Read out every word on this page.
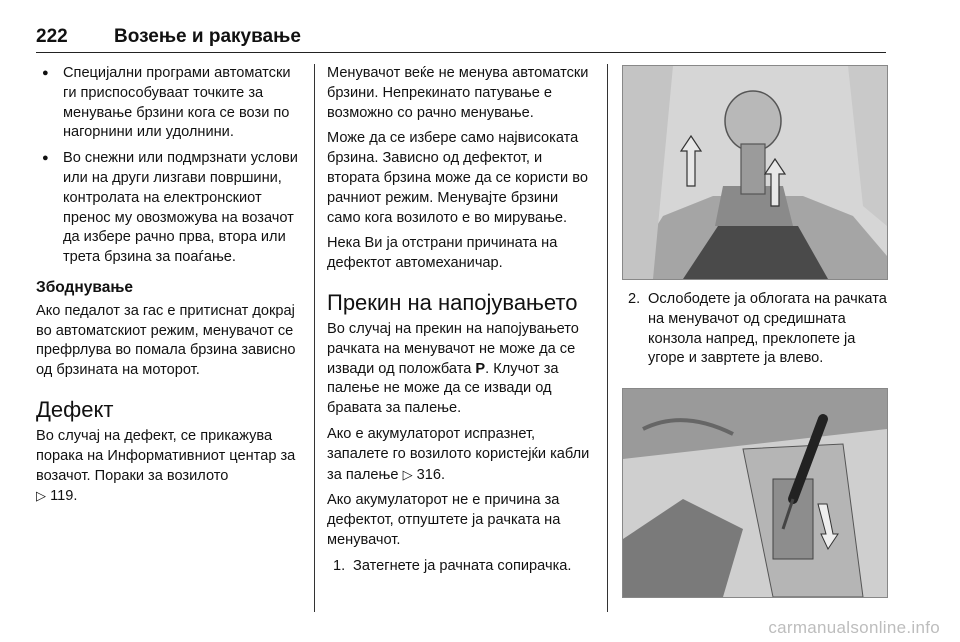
222 Возење и ракување
● Специјални програми автоматски ги приспособуваат точките за менување брзини кога се вози по нагорнини или удолнини.
● Во снежни или подмрзнати услови или на други лизгави површини, контролата на електронскиот пренос му овозможува на возачот да избере рачно прва, втора или трета брзина за поаѓање.
Збоднување

Ако педалот за гас е притиснат докрај во автоматскиот режим, менувачот се префрлува во помала брзина зависно од брзината на моторот.

Дефект

Во случај на дефект, се прикажува порака на Информативниот центар за возачот. Пораки за возилото
▷ 119.

Менувачот веќе не менува автоматски брзини. Непрекинато патување е возможно со рачно менување.

Може да се избере само највисоката брзина. Зависно од дефектот, и втората брзина може да се користи во рачниот режим. Менувајте брзини само кога возилото е во мирување.

Нека Ви ја отстрани причината на дефектот автомеханичар.

Прекин на напојувањето

Во случај на прекин на напојувањето рачката на менувачот не може да се извади од положбата P. Клучот за палење не може да се извади од бравата за палење.

Ако е акумулаторот испразнет, запалете го возилото користејќи кабли за палење ▷ 316.

Ако акумулаторот не е причина за дефектот, отпуштете ја рачката на менувачот.

1. Затегнете ја рачната сопирачка.
2. Ослободете ја облогата на рачката на менувачот од средишната конзола напред, преклопете ја угоре и завртете ја влево.
carmanualsonline.info
